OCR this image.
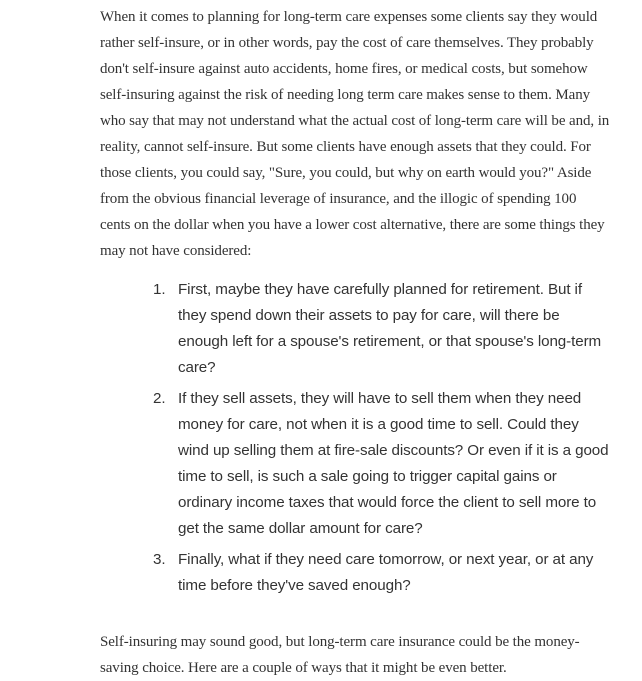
When it comes to planning for long-term care expenses some clients say they would rather self-insure, or in other words, pay the cost of care themselves. They probably don't self-insure against auto accidents, home fires, or medical costs, but somehow self-insuring against the risk of needing long term care makes sense to them. Many who say that may not understand what the actual cost of long-term care will be and, in reality, cannot self-insure. But some clients have enough assets that they could. For those clients, you could say, "Sure, you could, but why on earth would you?" Aside from the obvious financial leverage of insurance, and the illogic of spending 100 cents on the dollar when you have a lower cost alternative, there are some things they may not have considered:

1. First, maybe they have carefully planned for retirement. But if they spend down their assets to pay for care, will there be enough left for a spouse's retirement, or that spouse's long-term care?
2. If they sell assets, they will have to sell them when they need money for care, not when it is a good time to sell. Could they wind up selling them at fire-sale discounts? Or even if it is a good time to sell, is such a sale going to trigger capital gains or ordinary income taxes that would force the client to sell more to get the same dollar amount for care?
3. Finally, what if they need care tomorrow, or next year, or at any time before they've saved enough?

Self-insuring may sound good, but long-term care insurance could be the money-saving choice. Here are a couple of ways that it might be even better.
